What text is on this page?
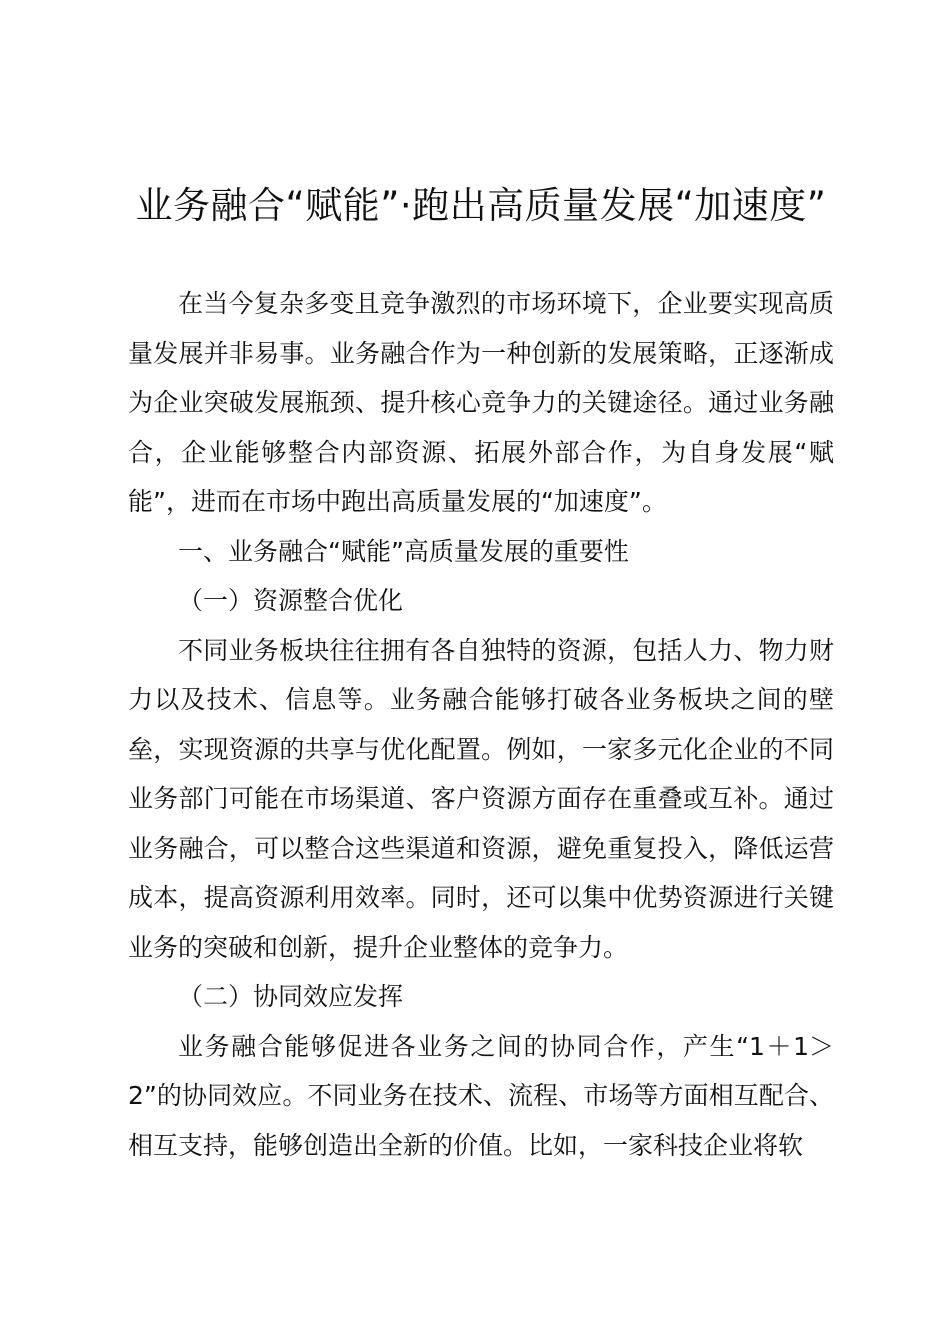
业务融合“赋能”·跑出高质量发展“加速度”

在当今复杂多变且竞争激烈的市场环境下，企业要实现高质量发展并非易事。业务融合作为一种创新的发展策略，正逐渐成为企业突破发展瓶颈、提升核心竞争力的关键途径。通过业务融合，企业能够整合内部资源、拓展外部合作，为自身发展“赋能”，进而在市场中跑出高质量发展的“加速度”。

一、业务融合“赋能”高质量发展的重要性

（一）资源整合优化

不同业务板块往往拥有各自独特的资源，包括人力、物力财力以及技术、信息等。业务融合能够打破各业务板块之间的壁垒，实现资源的共享与优化配置。例如，一家多元化企业的不同业务部门可能在市场渠道、客户资源方面存在重叠或互补。通过业务融合，可以整合这些渠道和资源，避免重复投入，降低运营成本，提高资源利用效率。同时，还可以集中优势资源进行关键业务的突破和创新，提升企业整体的竞争力。

（二）协同效应发挥

业务融合能够促进各业务之间的协同合作，产生“1＋1＞2”的协同效应。不同业务在技术、流程、市场等方面相互配合、相互支持，能够创造出全新的价值。比如，一家科技企业将软
